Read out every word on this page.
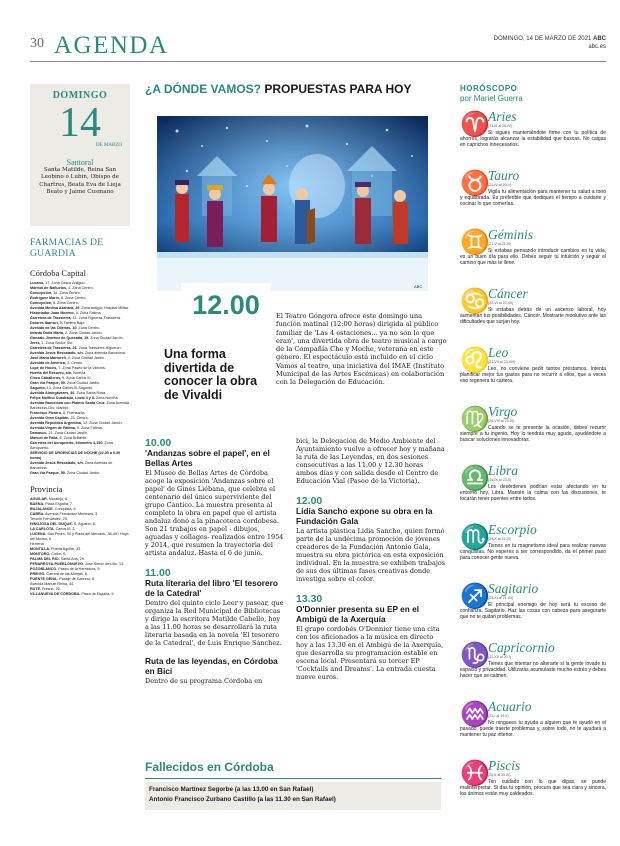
30 AGENDA	DOMINGO, 14 DE MARZO DE 2021 ABC
abc.es
DOMINGO
14
DE MARZO
Santoral
Santa Matilde, Reina San Leobino o Lubin, Obispo de Chartres, Beata Eva de Lieja Beato y Jaime Cusmano
FARMACIAS DE GUARDIA
Córdoba Capital
Lucano, 17. Zona Casco Antiguo.
Mármol de Bañuelos, 4. Zona Centro.
Concepción, 16. Zona Centro.
Rodríguez Marín, 8. Zona Centro.
Concepción, 6. Zona Centro.
Avenida Medina Azahara, 29. Zona antiguo Hospital Militar.
Historiador Juan Moreno, 4. Zona Fátima.
Carretera de Trassierra, 41. Zona Figueras-Trassierra.
Dolores Ibarruri, 5. Tablero Bajo.
Avenida de las Ollerías, 10. Zona Centro.
Infanta Doña María, 2. Zona Ciudad Jardín.
Gonzalo Jiménez de Quesada, 19. Zona Ciudad Jardín.
Jerez, 1. Zona Sector Sur.
Carretera de Trassierra, 26. Zona Trassierra-Higuerón.
Avenida Jesús Rescatado, s/n. Zona avenida Barcelona.
José María Martorell, 4. Zona Ciudad Jardín.
Avenida de América, 3. Centro.
Lope de Hoces, 7. Zona Paseo de la Victoria.
Huerta del Recuero, s/n. Noreña.
Cinco Caballeros, 9. Zona Carlos III.
Gran Vía Parque, 59. Zona Ciudad Jardín.
Sagunto, 13. Zona Carlos III-Sagunto.
Avenida Almogávares, 46. Zona Santa Rosa.
Felipe Molfino Cuadrado, Local 4 y 5. Zona Noreña.
Avenida Barcelona con Platero Santa Cruz. Zona Avenida Barcelona-Circ. Madrid.
Francisco Pizarro, 8. Fuensanta.
Avenida Gran Capitán, 23. Centro.
Avenida República Argentina, 12. Zona Ciudad Jardín.
Avenida Virgen de Fátima, 9. Zona Fátima.
Damasco, 21. Zona Ciudad Jardín.
Manuel de Falla, 6. Zona Brillante.
Carretera del Aeropuerto, kilómetro 4,150. Zona Aeropuerto.
SERVICIO DE URGENCIAS DE NOCHE (22.00 a 9.30 horas)
Avenida Jesús Rescatado, s/n. Zona Avenida de Barcelona.
Gran Vía Parque, 59. Zona Ciudad Jardín.
Provincia
AGUILAR. Moralejo, 6.
BAENA. Plaza España, 7.
BUJALANCE. Conquista, 6.
CABRA. Avenida Fernández Meneses, 3.
Tenorio Fernández, 25.
HINOJOSA DEL DUQUE. S. Agustín, 6.
LA CARLOTA. Carlos III, 3.
LUCENA. San Pedro, 90 y Plaza del Mercado, 38-40 / Hoya del Molino, 6.
Herrería.
MONTILLA. Puerta Aguilar, 33.
MONTORO. Colón, 9.
PALMA DEL RÍO. Santa Ana, 29.
PEÑARROYA-PUEBLONUEVO. José Simón de Lillo, 13.
POZOBLANCO. Paseo de la Herradura, 9.
PRIEGO. Carrera de las Monjas, 8.
PUENTE GENIL. Pasaje de Cabrero, 6.
Avenida Manuel Reina, 44.
RUTE. Fresno, 26.
VILLANUEVA DE CÓRDOBA. Plaza de España, 9.
¿A DÓNDE VAMOS? PROPUESTAS PARA HOY
ABC
12.00
Una forma divertida de conocer la obra de Vivaldi
El Teatro Góngora ofrece este domingo una función matinal (12:00 horas) dirigida al público familiar de 'Las 4 estaciones... ya no son lo que eran', una divertida obra de teatro musical a cargo de la Compañía Che y Moche, veterana en este género. El espectáculo está incluido en el ciclo Vamos al teatro, una iniciativa del IMAE (Instituto Municipal de las Artes Escénicas) en colaboración con la Delegación de Educación.
10.00
'Andanzas sobre el papel', en el Bellas Artes
El Museo de Bellas Artes de Córdoba acoge la exposición 'Andanzas sobre el papel' de Ginés Liébana, que celebra el centenario del único superviviente del grupo Cántico. La muestra presenta al completo la obra en papel que el artista andaluz donó a la pinacoteca cordobesa. Son 21 trabajos en papel - dibujos, aguadas y collages- realizados entre 1954 y 2014, que resumen la trayectoria del artista andaluz. Hasta el 6 de junio.
11.00
Ruta literaria del libro 'El tesorero de la Catedral'
Dentro del quinto ciclo Leer y pasear, que organiza la Red Municipal de Bibliotecas y dirige la escritora Matilde Cabello, hoy a las 11.00 horas se desarrollará la ruta literaria basada en la novela 'El tesorero de la Catedral', de Luis Enrique Sánchez.
Ruta de las leyendas, en Córdoba en Bici
Dentro de su programa Córdoba en
bici, la Delegación de Medio Ambiente del Ayuntamiento vuelve a ofrecer hoy y mañana la ruta de las Leyendas, en dos sesiones consecutivas a las 11.00 y 12.30 horas ambos días y con salida desde el Centro de Educación Vial (Paseo de la Victoria).
12.00
Lidia Sancho expone su obra en la Fundación Gala
La artista plástica Lidia Sancho, quien formó parte de la undécima promoción de jóvenes creadores de la Fundación Antonio Gala, muestra su obra pictórica en esta exposición individual. En la muestra se exhiben trabajos de sus dos últimas fases creativas donde investiga sobre el color.
13.30
O'Donnier presenta su EP en el Ambigú de la Axerquía
El grupo cordobés O'Donnier tiene una cita con los aficionados a la música en directo hoy a las 13.30 en el Ambigú de la Axerquía, que desarrolla su programación estable en escena local. Presentará su tercer EP 'Cocktails and Dreams'. La entrada cuesta nueve euros.
Fallecidos en Córdoba
Francisco Martínez Segorbe (a las 13.00 en San Rafael)
Antonio Francisco Zurbano Castillo (a las 11.30 en San Rafael)
HORÓSCOPO
por Mariel Guerra
♈
Aries
(21-III al 20-IV)
Si sigues manteniéndote firme con tu política de ahorros, lograrás alcanzar la estabilidad que buscas. No caigas en caprichos innecesarios.
♉
Tauro
(21-IV al 20-V)
Vigila tu alimentación para mantener tu salud a tono y equilibrada. Es preferible que dediques el tiempo a cuidarte y cocinar lo que comerías.
♊
Géminis
(21-V al 21-VI)
Si estabas pensando introducir cambios en tu vida, es un buen día para ello. Debes seguir tu intuición y seguir el camino que más te llene.
♋
Cáncer
(22-VI al 22-VII)
Si estabas detrás de un ascenso laboral, hoy aumentan tus posibilidades. Cáncer. Mostrarte resolutivo ante las dificultades que surjan hoy.
♌
Leo
(23-VII al 23-VIII)
Leo, no conviene pedir tantos préstamos. Intenta planificar mejor tus gastos para no recurrir a ellos, que a veces eso regenera tu cartera.
♍
Virgo
(24-VIII al 23-IX)
Cuando se te presente la ocasión, debes recurrir siempre a tu ingenio. Hoy lo tendrás muy agudo, ayudándote a buscar soluciones innovadoras.
♎
Libra
(24-IX al 23-X)
Los desórdenes podrían estar afectando en tu entorno hoy, Libra. Mantén la calma con las discusiones, te tocarán tener puentes entre todos.
♏
Escorpio
(24-X al 22-XI)
Tienes en tu magnetismo ideal para realizar nuevas conquistas. No esperes a ser correspondido, da el primer paso para conocer gente nueva.
♐
Sagitario
(23-XI al 21-XII)
El principal enemigo de hoy será tu exceso de confianza, Sagitario. Haz las cosas con cabeza para asegurarte que no te quitan problemas.
♑
Capricornio
(22-XII al 20-I)
Tienes que intentar no alterarte si la gente invade tu espacio y privacidad. Utilizarás acumulaste mucho estrés y debes hacer que se calmen.
♒
Acuario
(21-I al 19-II)
No ninguees tu ayuda a alguien que te ayudó en el pasado, puede traerte problemas y, sobre todo, no te ayudará a mantener tu paz interior.
♓
Piscis
(20-II al 20-III)
Ten cuidado con lo que digas, se puede malinterpretar. Si das tu opinión, procura que sea clara y sincera, los ánimos están muy caldeados.
